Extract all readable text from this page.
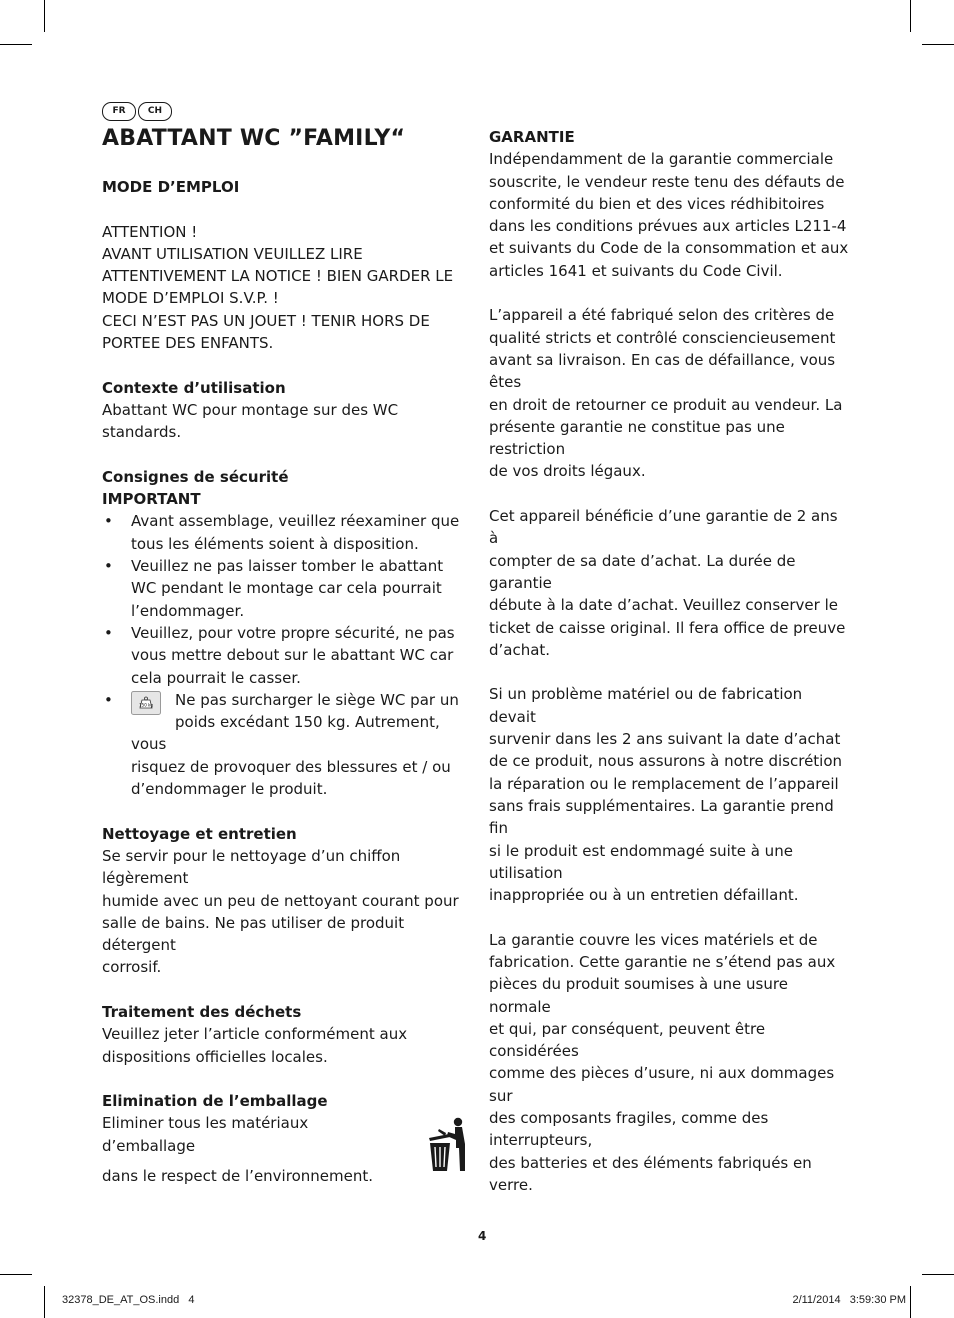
FR	CH
ABATTANT WC ”FAMILY“

MODE D’EMPLOI

ATTENTION !

AVANT UTILISATION VEUILLEZ LIRE

ATTENTIVEMENT LA NOTICE ! BIEN GARDER LE

MODE D’EMPLOI S.V.P. !

CECI N’EST PAS UN JOUET ! TENIR HORS DE

PORTEE DES ENFANTS.

Contexte d’utilisation

Abattant WC pour montage sur des WC

standards.

Consignes de sécurité

IMPORTANT

• Avant assemblage, veuillez réexaminer que
tous les éléments soient à disposition.
• Veuillez ne pas laisser tomber le abattant
WC pendant le montage car cela pourrait
l’endommager.
• Veuillez, pour votre propre sécurité, ne pas
vous mettre debout sur le abattant WC car
cela pourrait le casser.
•	150 kg Ne pas surcharger le siège WC par un
poids excédant 150 kg. Autrement, vous
risquez de provoquer des blessures et / ou
d’endommager le produit.

Nettoyage et entretien

Se servir pour le nettoyage d’un chiffon légèrement

humide avec un peu de nettoyant courant pour

salle de bains. Ne pas utiliser de produit détergent

corrosif.

Traitement des déchets

Veuillez jeter l’article conformément aux

dispositions officielles locales.

Elimination de l’emballage

Eliminer tous les matériaux d’emballage

dans le respect de l’environnement.

GARANTIE

Indépendamment de la garantie commerciale

souscrite, le vendeur reste tenu des défauts de

conformité du bien et des vices rédhibitoires

dans les conditions prévues aux articles L211-4

et suivants du Code de la consommation et aux

articles 1641 et suivants du Code Civil.

L’appareil a été fabriqué selon des critères de

qualité stricts et contrôlé consciencieusement

avant sa livraison. En cas de défaillance, vous êtes

en droit de retourner ce produit au vendeur. La

présente garantie ne constitue pas une restriction

de vos droits légaux.

Cet appareil bénéficie d’une garantie de 2 ans à

compter de sa date d’achat. La durée de garantie

débute à la date d’achat. Veuillez conserver le

ticket de caisse original. Il fera office de preuve

d’achat.

Si un problème matériel ou de fabrication devait

survenir dans les 2 ans suivant la date d’achat

de ce produit, nous assurons à notre discrétion

la réparation ou le remplacement de l’appareil

sans frais supplémentaires. La garantie prend fin

si le produit est endommagé suite à une utilisation

inappropriée ou à un entretien défaillant.

La garantie couvre les vices matériels et de

fabrication. Cette garantie ne s’étend pas aux

pièces du produit soumises à une usure normale

et qui, par conséquent, peuvent être considérées

comme des pièces d’usure, ni aux dommages sur

des composants fragiles, comme des interrupteurs,

des batteries et des éléments fabriqués en verre.

4
32378_DE_AT_OS.indd   4	2/11/2014   3:59:30 PM
